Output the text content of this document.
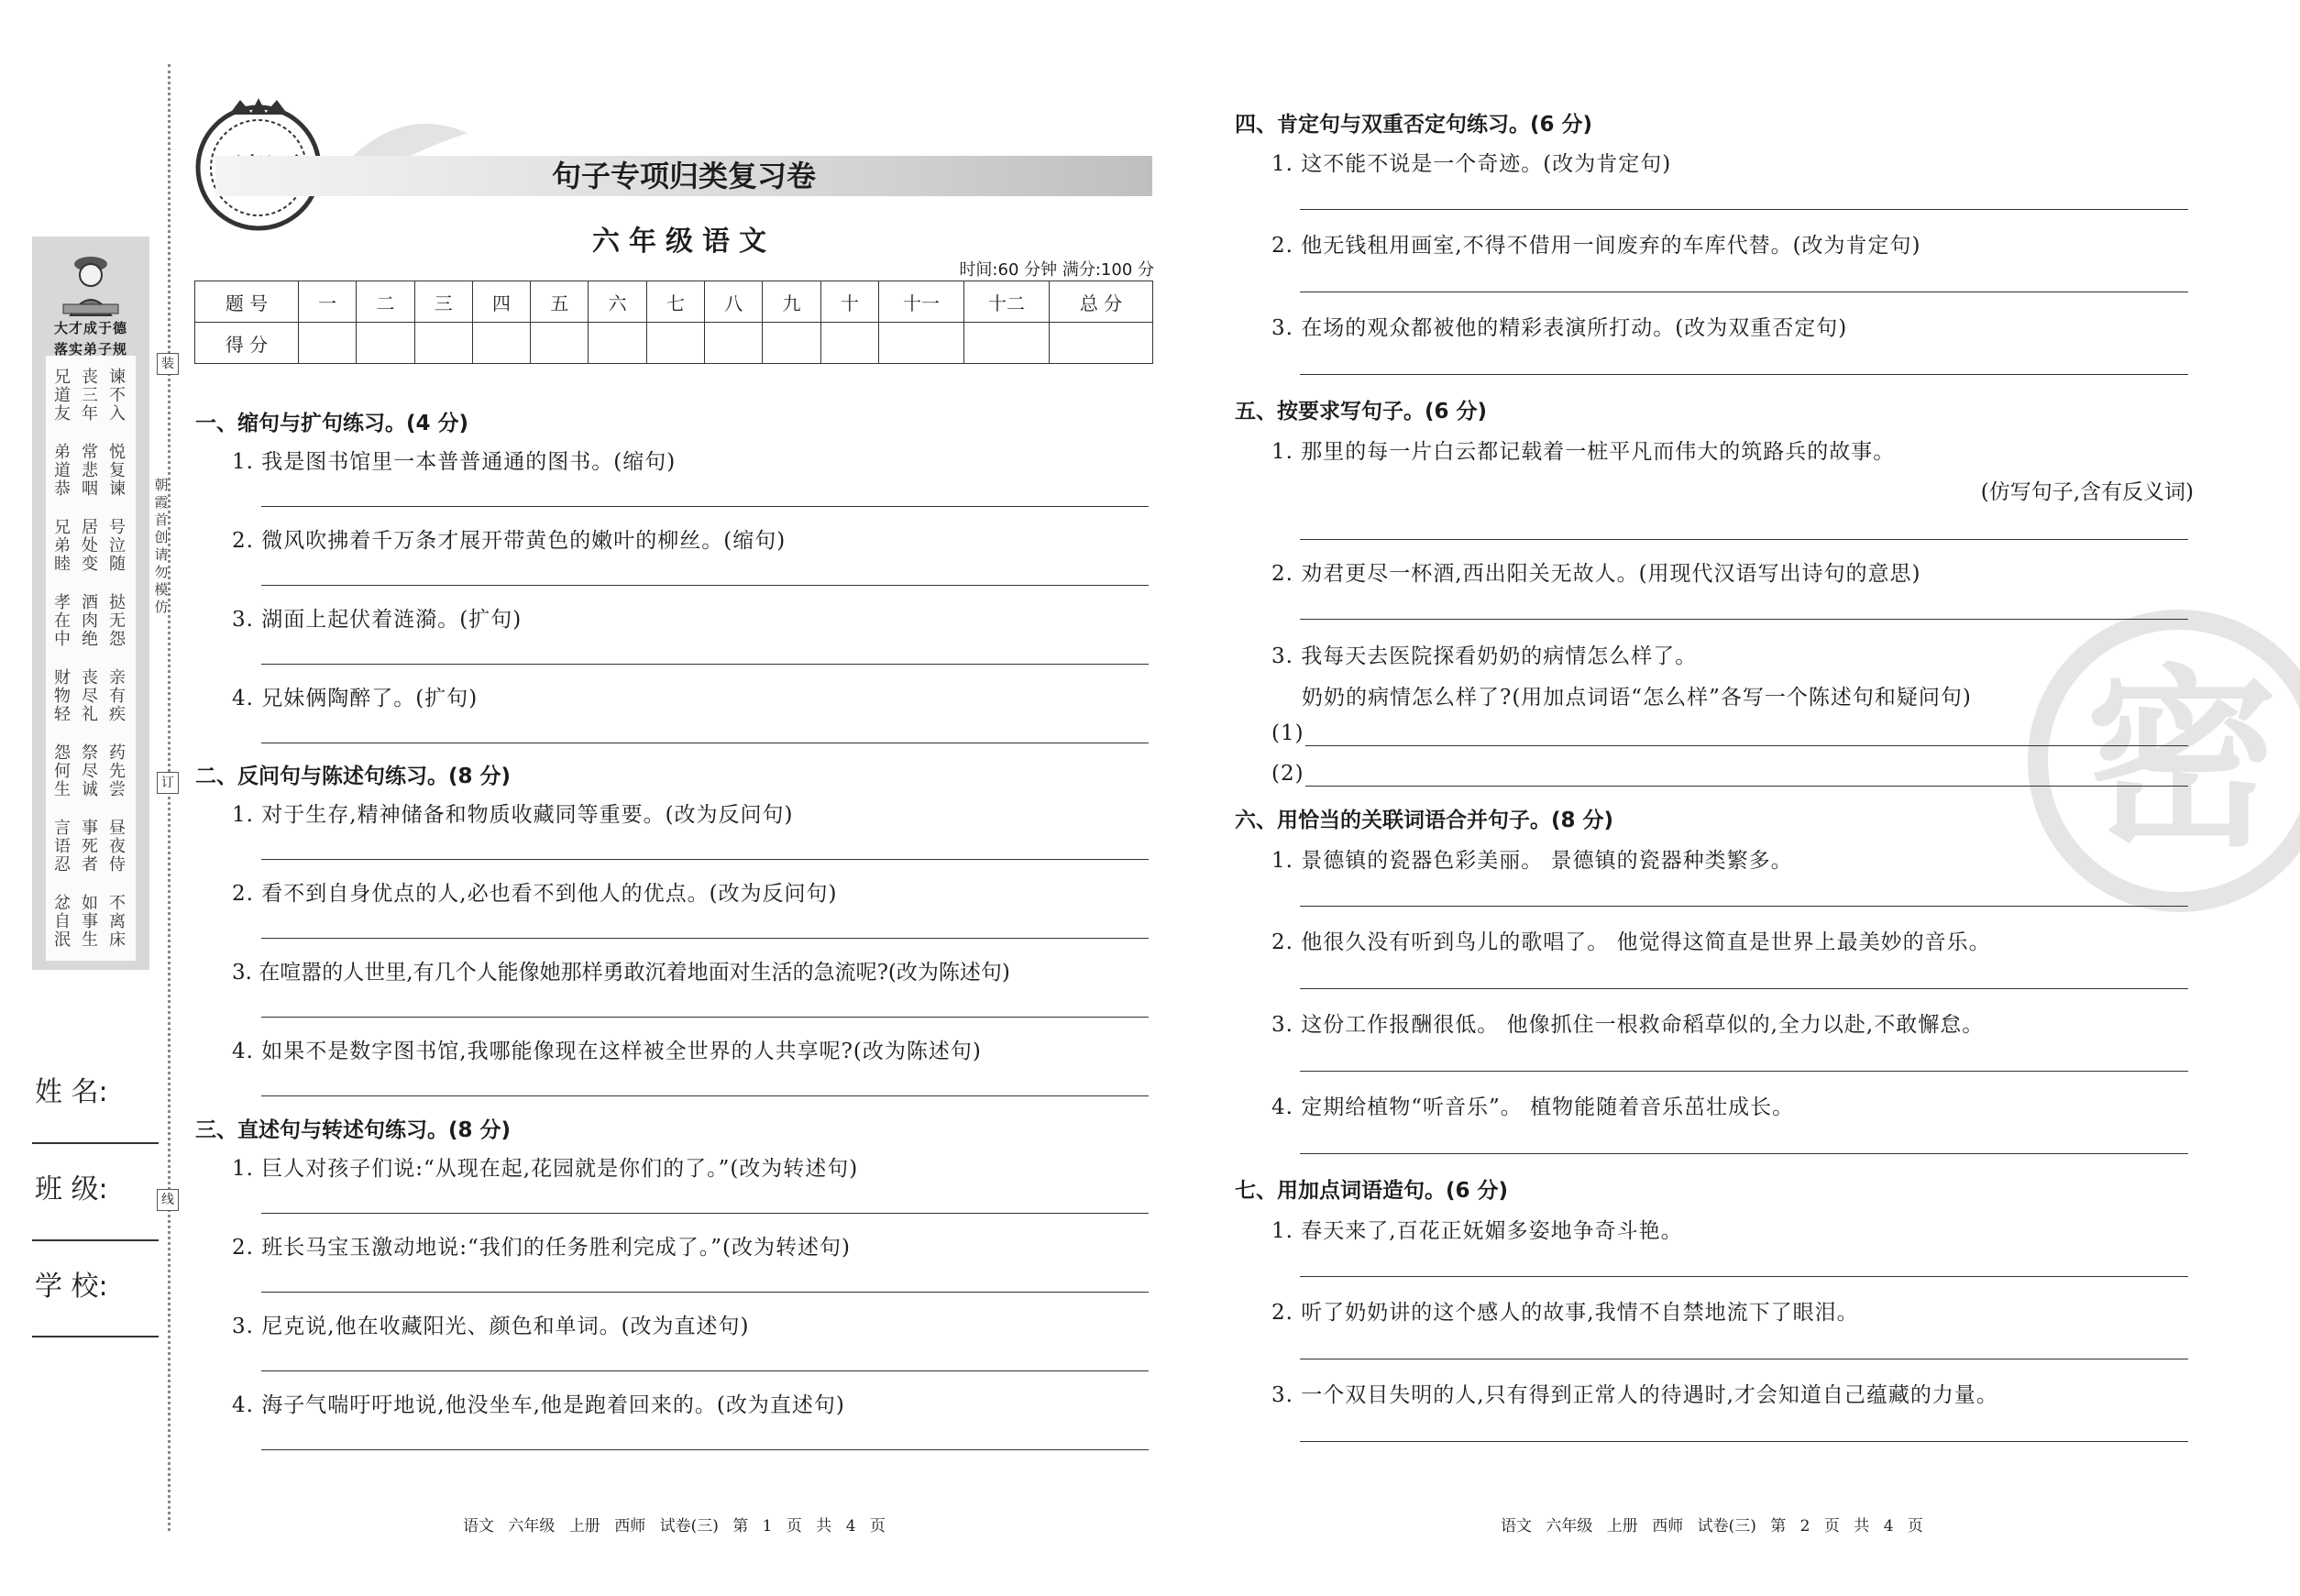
大才成于德
落实弟子规
兄道友
丧三年
谏不入
弟道恭
常悲咽
悦复谏
兄弟睦
居处变
号泣随
孝在中
酒肉绝
挞无怨
财物轻
丧尽礼
亲有疾
怨何生
祭尽诚
药先尝
言语忍
事死者
昼夜侍
忿自泯
如事生
不离床
装
朝霞首创 请勿模仿
订
线
姓 名:
班 级:
学 校:
句子专项归类复习卷
六年级语文
时间:60 分钟 满分:100 分
题 号	一	二	三	四	五	六	七	八	九	十	十一	十二	总 分
得 分													
一、缩句与扩句练习。(4 分)
1. 我是图书馆里一本普普通通的图书。(缩句)
2. 微风吹拂着千万条才展开带黄色的嫩叶的柳丝。(缩句)
3. 湖面上起伏着涟漪。(扩句)
4. 兄妹俩陶醉了。(扩句)
二、反问句与陈述句练习。(8 分)
1. 对于生存,精神储备和物质收藏同等重要。(改为反问句)
2. 看不到自身优点的人,必也看不到他人的优点。(改为反问句)
3. 在喧嚣的人世里,有几个人能像她那样勇敢沉着地面对生活的急流呢?(改为陈述句)
4. 如果不是数字图书馆,我哪能像现在这样被全世界的人共享呢?(改为陈述句)
三、直述句与转述句练习。(8 分)
1. 巨人对孩子们说:“从现在起,花园就是你们的了。”(改为转述句)
2. 班长马宝玉激动地说:“我们的任务胜利完成了。”(改为转述句)
3. 尼克说,他在收藏阳光、颜色和单词。(改为直述句)
4. 海子气喘吁吁地说,他没坐车,他是跑着回来的。(改为直述句)
密
四、肯定句与双重否定句练习。(6 分)
1. 这不能不说是一个奇迹。(改为肯定句)
2. 他无钱租用画室,不得不借用一间废弃的车库代替。(改为肯定句)
3. 在场的观众都被他的精彩表演所打动。(改为双重否定句)
五、按要求写句子。(6 分)
1. 那里的每一片白云都记载着一桩平凡而伟大的筑路兵的故事。
(仿写句子,含有反义词)
2. 劝君更尽一杯酒,西出阳关无故人。(用现代汉语写出诗句的意思)
3. 我每天去医院探看奶奶的病情怎么样了。
奶奶的病情怎么样了?(用加点词语“怎么样”各写一个陈述句和疑问句)
(1)
(2)
六、用恰当的关联词语合并句子。(8 分)
1. 景德镇的瓷器色彩美丽。 景德镇的瓷器种类繁多。
2. 他很久没有听到鸟儿的歌唱了。 他觉得这简直是世界上最美妙的音乐。
3. 这份工作报酬很低。 他像抓住一根救命稻草似的,全力以赴,不敢懈怠。
4. 定期给植物“听音乐”。 植物能随着音乐茁壮成长。
七、用加点词语造句。(6 分)
1. 春天来了,百花正妩媚多姿地争奇斗艳。
2. 听了奶奶讲的这个感人的故事,我情不自禁地流下了眼泪。
3. 一个双目失明的人,只有得到正常人的待遇时,才会知道自己蕴藏的力量。
语文 六年级 上册 西师 试卷(三) 第 1 页 共 4 页	语文 六年级 上册 西师 试卷(三) 第 2 页 共 4 页
